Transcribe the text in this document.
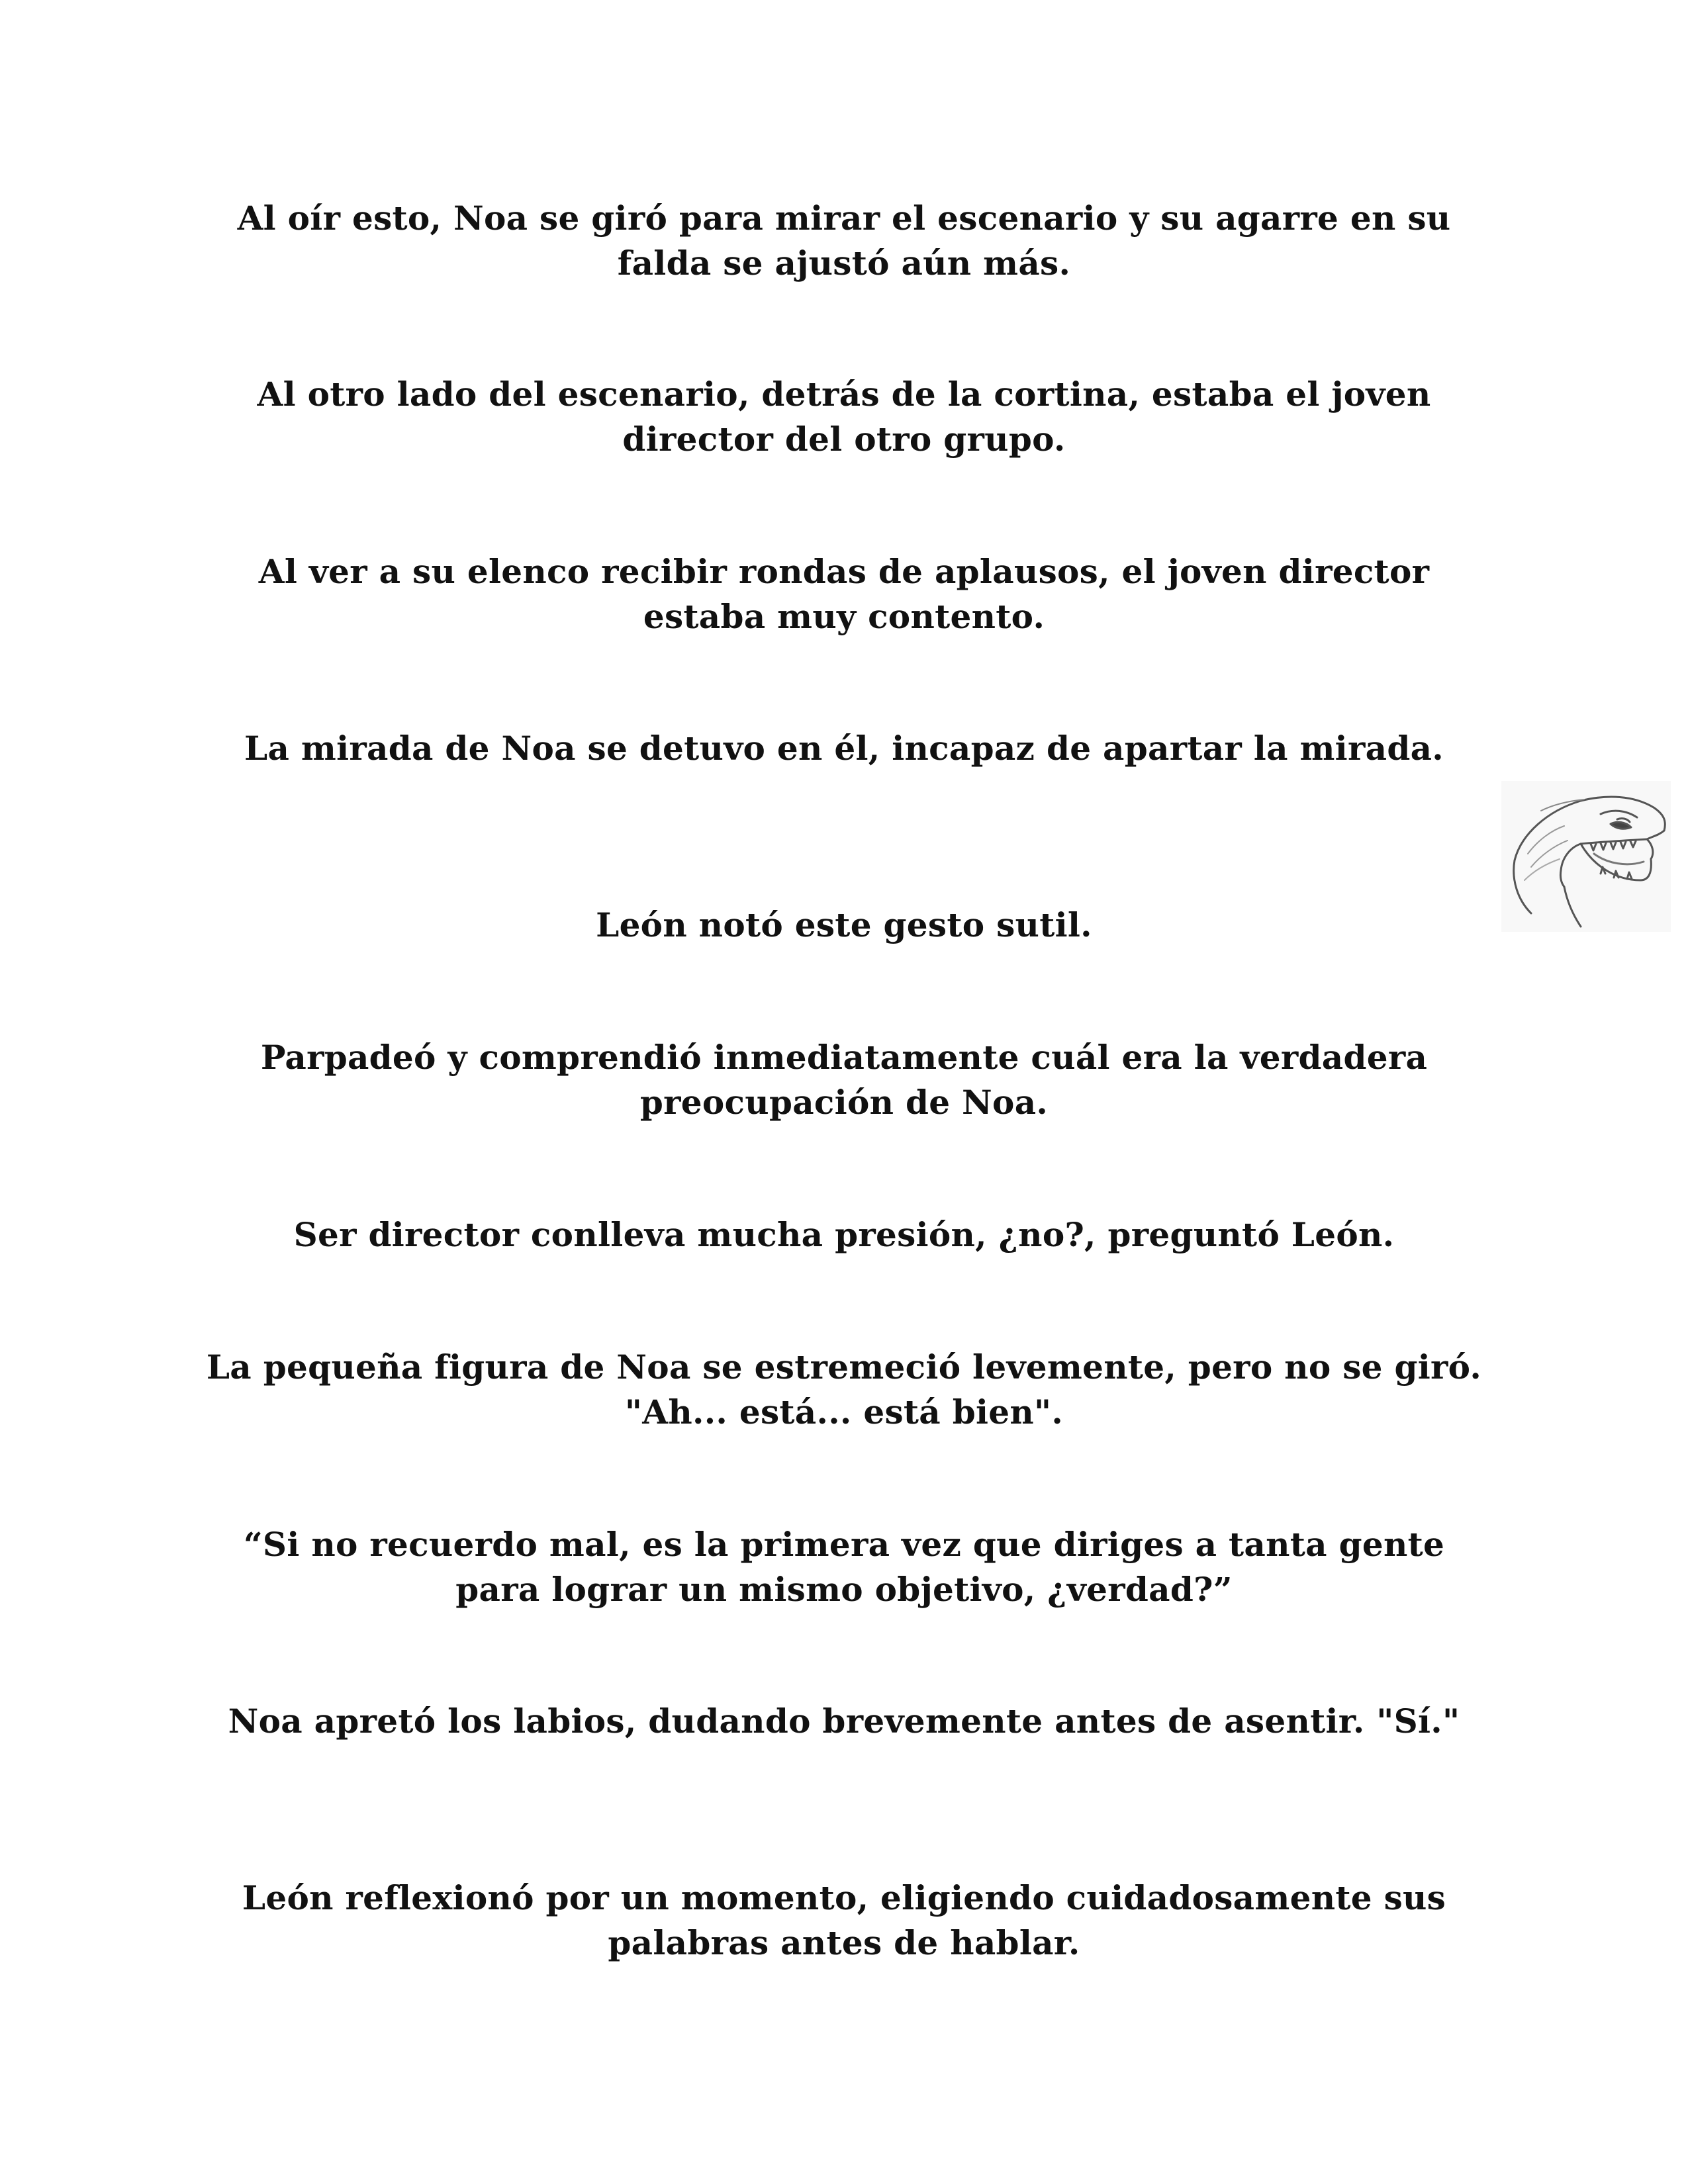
Al oír esto, Noa se giró para mirar el escenario y su agarre en su falda se ajustó aún más.

Al otro lado del escenario, detrás de la cortina, estaba el joven director del otro grupo.

Al ver a su elenco recibir rondas de aplausos, el joven director estaba muy contento.

La mirada de Noa se detuvo en él, incapaz de apartar la mirada.

León notó este gesto sutil.

Parpadeó y comprendió inmediatamente cuál era la verdadera preocupación de Noa.

Ser director conlleva mucha presión, ¿no?, preguntó León.

La pequeña figura de Noa se estremeció levemente, pero no se giró. "Ah... está... está bien".

“Si no recuerdo mal, es la primera vez que diriges a tanta gente para lograr un mismo objetivo, ¿verdad?”

Noa apretó los labios, dudando brevemente antes de asentir. "Sí."

León reflexionó por un momento, eligiendo cuidadosamente sus palabras antes de hablar.
